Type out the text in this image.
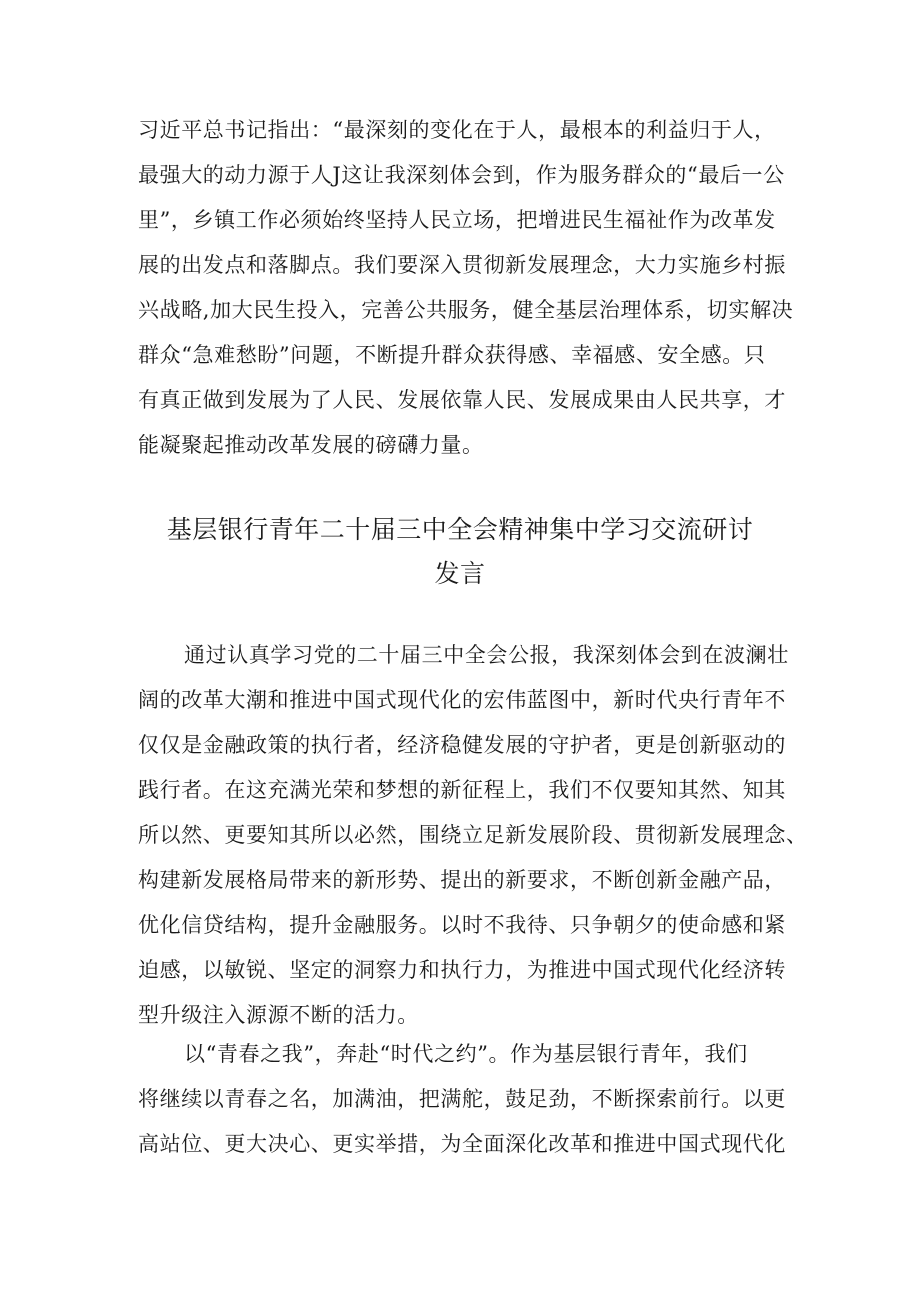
习近平总书记指出：“最深刻的变化在于人，最根本的利益归于人，
最强大的动力源于人J这让我深刻体会到，作为服务群众的“最后一公
里”，乡镇工作必须始终坚持人民立场，把增进民生福祉作为改革发
展的出发点和落脚点。我们要深入贯彻新发展理念，大力实施乡村振
兴战略,加大民生投入，完善公共服务，健全基层治理体系，切实解决
群众“急难愁盼”问题，不断提升群众获得感、幸福感、安全感。只
有真正做到发展为了人民、发展依靠人民、发展成果由人民共享，才
能凝聚起推动改革发展的磅礴力量。
基层银行青年二十届三中全会精神集中学习交流研讨
发言
通过认真学习党的二十届三中全会公报，我深刻体会到在波澜壮
阔的改革大潮和推进中国式现代化的宏伟蓝图中，新时代央行青年不
仅仅是金融政策的执行者，经济稳健发展的守护者，更是创新驱动的
践行者。在这充满光荣和梦想的新征程上，我们不仅要知其然、知其
所以然、更要知其所以必然，围绕立足新发展阶段、贯彻新发展理念、
构建新发展格局带来的新形势、提出的新要求，不断创新金融产品，
优化信贷结构，提升金融服务。以时不我待、只争朝夕的使命感和紧
迫感，以敏锐、坚定的洞察力和执行力，为推进中国式现代化经济转
型升级注入源源不断的活力。
以“青春之我”，奔赴“时代之约”。作为基层银行青年，我们
将继续以青春之名，加满油，把满舵，鼓足劲，不断探索前行。以更
高站位、更大决心、更实举措，为全面深化改革和推进中国式现代化
